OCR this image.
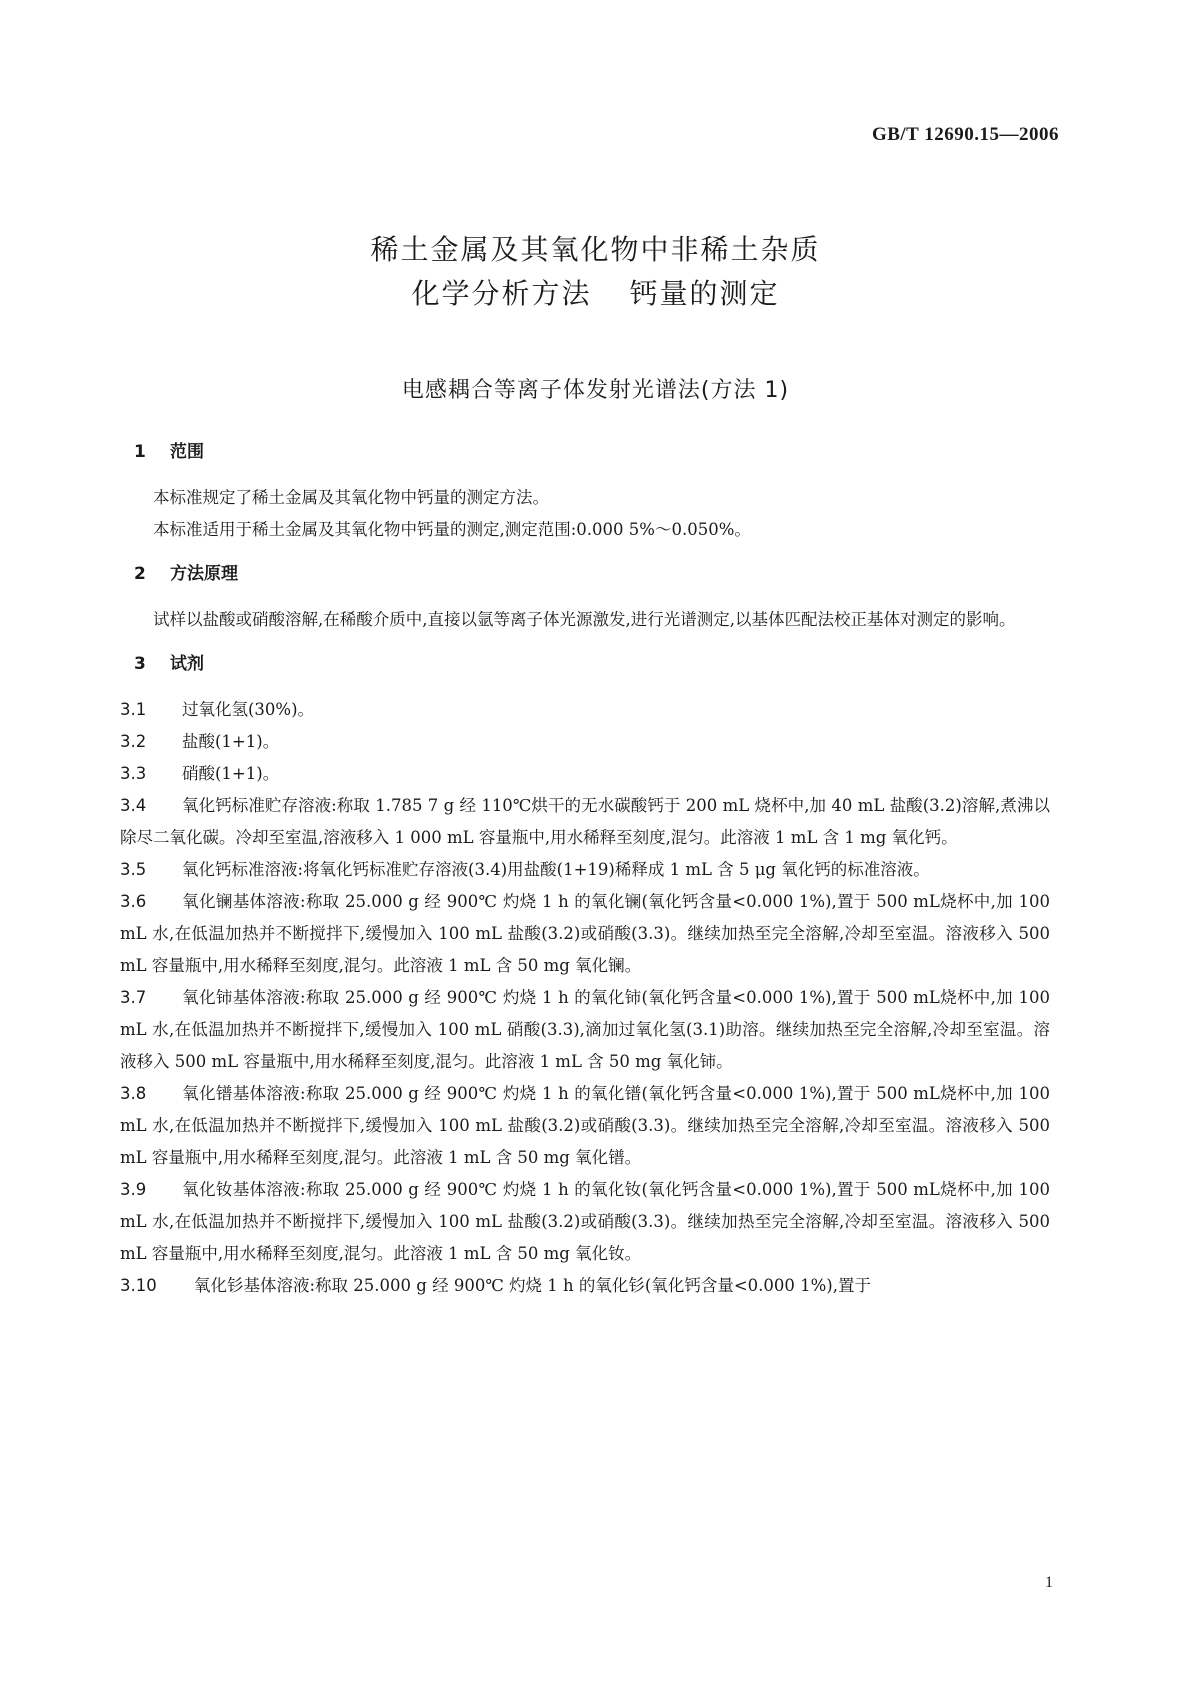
GB/T 12690.15—2006
稀土金属及其氧化物中非稀土杂质
化学分析方法 钙量的测定
电感耦合等离子体发射光谱法(方法 1)
1 范围

本标准规定了稀土金属及其氧化物中钙量的测定方法。

本标准适用于稀土金属及其氧化物中钙量的测定,测定范围:0.000 5%～0.050%。

2 方法原理

试样以盐酸或硝酸溶解,在稀酸介质中,直接以氩等离子体光源激发,进行光谱测定,以基体匹配法校正基体对测定的影响。

3 试剂

3.1 过氧化氢(30%)。

3.2 盐酸(1+1)。

3.3 硝酸(1+1)。

3.4 氧化钙标准贮存溶液:称取 1.785 7 g 经 110℃烘干的无水碳酸钙于 200 mL 烧杯中,加 40 mL 盐酸(3.2)溶解,煮沸以除尽二氧化碳。冷却至室温,溶液移入 1 000 mL 容量瓶中,用水稀释至刻度,混匀。此溶液 1 mL 含 1 mg 氧化钙。

3.5 氧化钙标准溶液:将氧化钙标准贮存溶液(3.4)用盐酸(1+19)稀释成 1 mL 含 5 μg 氧化钙的标准溶液。

3.6 氧化镧基体溶液:称取 25.000 g 经 900℃ 灼烧 1 h 的氧化镧(氧化钙含量<0.000 1%),置于 500 mL烧杯中,加 100 mL 水,在低温加热并不断搅拌下,缓慢加入 100 mL 盐酸(3.2)或硝酸(3.3)。继续加热至完全溶解,冷却至室温。溶液移入 500 mL 容量瓶中,用水稀释至刻度,混匀。此溶液 1 mL 含 50 mg 氧化镧。

3.7 氧化铈基体溶液:称取 25.000 g 经 900℃ 灼烧 1 h 的氧化铈(氧化钙含量<0.000 1%),置于 500 mL烧杯中,加 100 mL 水,在低温加热并不断搅拌下,缓慢加入 100 mL 硝酸(3.3),滴加过氧化氢(3.1)助溶。继续加热至完全溶解,冷却至室温。溶液移入 500 mL 容量瓶中,用水稀释至刻度,混匀。此溶液 1 mL 含 50 mg 氧化铈。

3.8 氧化镨基体溶液:称取 25.000 g 经 900℃ 灼烧 1 h 的氧化镨(氧化钙含量<0.000 1%),置于 500 mL烧杯中,加 100 mL 水,在低温加热并不断搅拌下,缓慢加入 100 mL 盐酸(3.2)或硝酸(3.3)。继续加热至完全溶解,冷却至室温。溶液移入 500 mL 容量瓶中,用水稀释至刻度,混匀。此溶液 1 mL 含 50 mg 氧化镨。

3.9 氧化钕基体溶液:称取 25.000 g 经 900℃ 灼烧 1 h 的氧化钕(氧化钙含量<0.000 1%),置于 500 mL烧杯中,加 100 mL 水,在低温加热并不断搅拌下,缓慢加入 100 mL 盐酸(3.2)或硝酸(3.3)。继续加热至完全溶解,冷却至室温。溶液移入 500 mL 容量瓶中,用水稀释至刻度,混匀。此溶液 1 mL 含 50 mg 氧化钕。

3.10 氧化钐基体溶液:称取 25.000 g 经 900℃ 灼烧 1 h 的氧化钐(氧化钙含量<0.000 1%),置于

1
